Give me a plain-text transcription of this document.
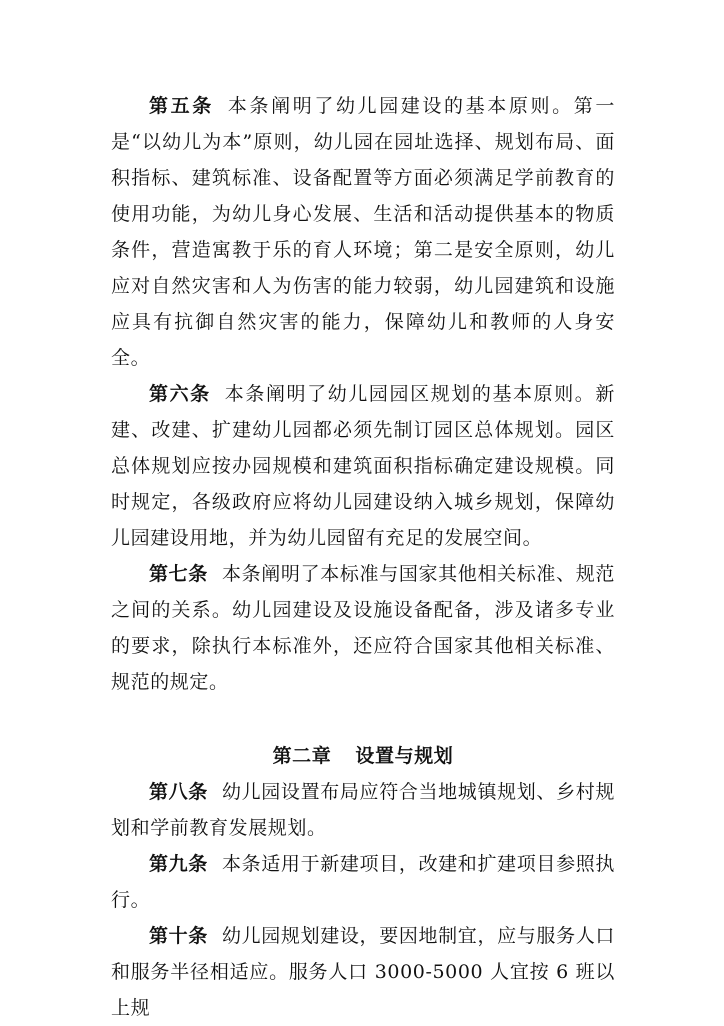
第五条 本条阐明了幼儿园建设的基本原则。第一是“以幼儿为本”原则，幼儿园在园址选择、规划布局、面积指标、建筑标准、设备配置等方面必须满足学前教育的使用功能，为幼儿身心发展、生活和活动提供基本的物质条件，营造寓教于乐的育人环境；第二是安全原则，幼儿应对自然灾害和人为伤害的能力较弱，幼儿园建筑和设施应具有抗御自然灾害的能力，保障幼儿和教师的人身安全。

第六条 本条阐明了幼儿园园区规划的基本原则。新建、改建、扩建幼儿园都必须先制订园区总体规划。园区总体规划应按办园规模和建筑面积指标确定建设规模。同时规定，各级政府应将幼儿园建设纳入城乡规划，保障幼儿园建设用地，并为幼儿园留有充足的发展空间。

第七条 本条阐明了本标准与国家其他相关标准、规范之间的关系。幼儿园建设及设施设备配备，涉及诸多专业的要求，除执行本标准外，还应符合国家其他相关标准、规范的规定。

第二章 设置与规划

第八条 幼儿园设置布局应符合当地城镇规划、乡村规划和学前教育发展规划。

第九条 本条适用于新建项目，改建和扩建项目参照执行。

第十条 幼儿园规划建设，要因地制宜，应与服务人口和服务半径相适应。服务人口 3000-5000 人宜按 6 班以上规
